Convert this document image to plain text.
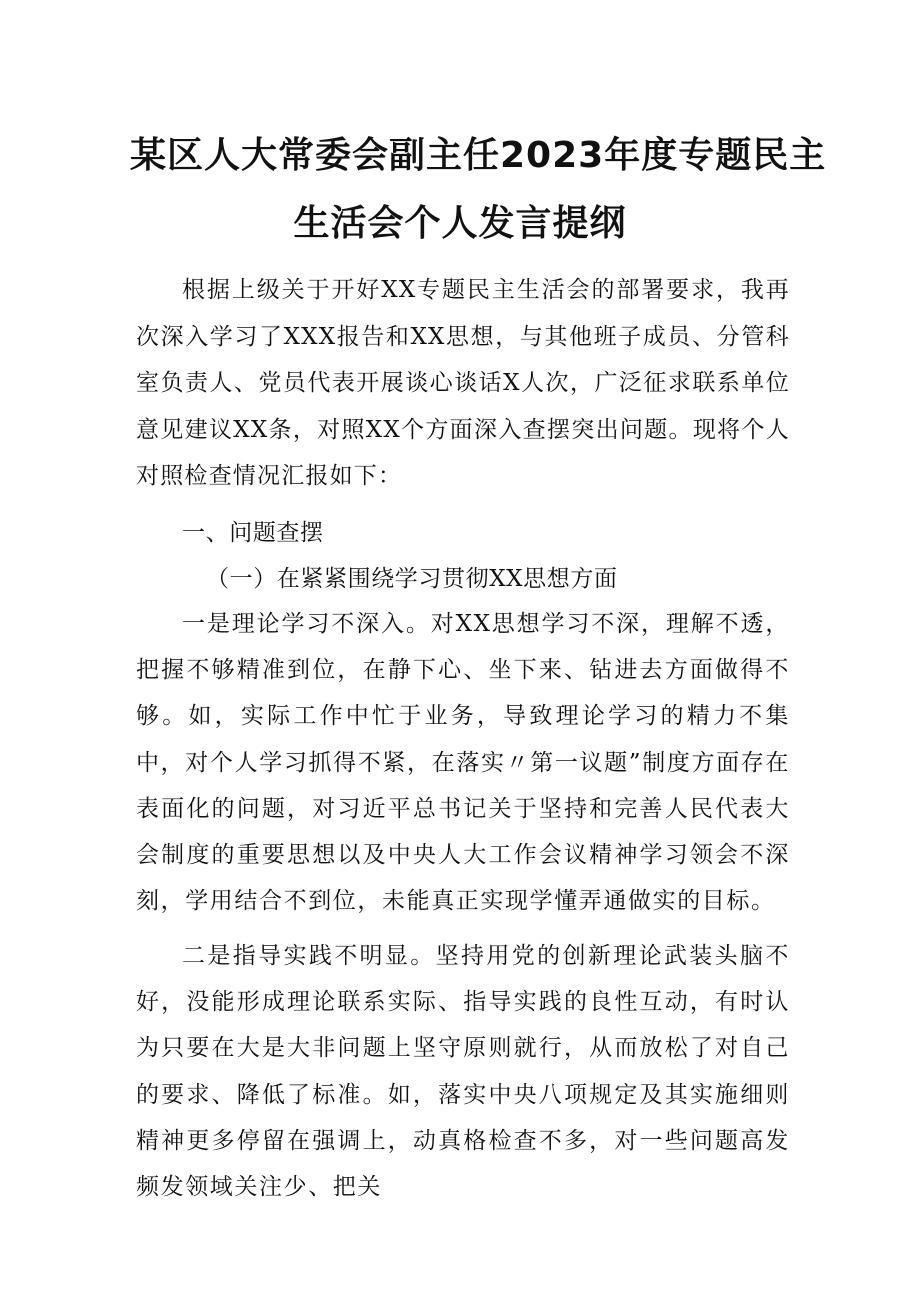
某区人大常委会副主任2023年度专题民主
生活会个人发言提纲

根据上级关于开好XX专题民主生活会的部署要求，我再次深入学习了XXX报告和XX思想，与其他班子成员、分管科室负责人、党员代表开展谈心谈话X人次，广泛征求联系单位意见建议XX条，对照XX个方面深入查摆突出问题。现将个人对照检查情况汇报如下：

一、问题查摆

（一）在紧紧围绕学习贯彻XX思想方面

一是理论学习不深入。对XX思想学习不深，理解不透，把握不够精准到位，在静下心、坐下来、钻进去方面做得不够。如，实际工作中忙于业务，导致理论学习的精力不集中，对个人学习抓得不紧，在落实〃第一议题”制度方面存在表面化的问题，对习近平总书记关于坚持和完善人民代表大会制度的重要思想以及中央人大工作会议精神学习领会不深刻，学用结合不到位，未能真正实现学懂弄通做实的目标。

二是指导实践不明显。坚持用党的创新理论武装头脑不好，没能形成理论联系实际、指导实践的良性互动，有时认为只要在大是大非问题上坚守原则就行，从而放松了对自己的要求、降低了标准。如，落实中央八项规定及其实施细则精神更多停留在强调上，动真格检查不多，对一些问题高发频发领域关注少、把关
